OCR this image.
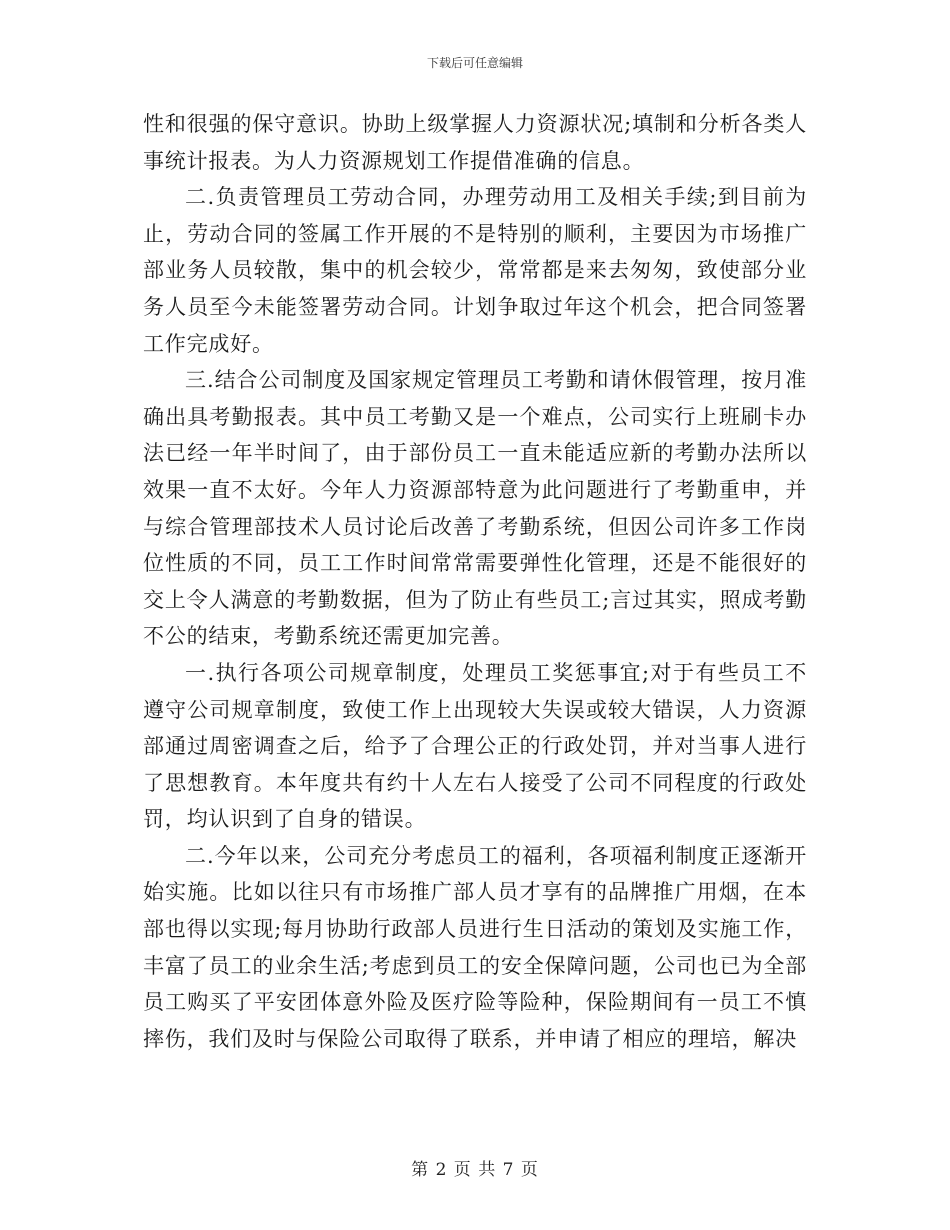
下载后可任意编辑

性和很强的保守意识。协助上级掌握人力资源状况;填制和分析各类人事统计报表。为人力资源规划工作提借准确的信息。

二.负责管理员工劳动合同，办理劳动用工及相关手续;到目前为止，劳动合同的签属工作开展的不是特别的顺利，主要因为市场推广部业务人员较散，集中的机会较少，常常都是来去匆匆，致使部分业务人员至今未能签署劳动合同。计划争取过年这个机会，把合同签署工作完成好。

三.结合公司制度及国家规定管理员工考勤和请休假管理，按月准确出具考勤报表。其中员工考勤又是一个难点，公司实行上班刷卡办法已经一年半时间了，由于部份员工一直未能适应新的考勤办法所以效果一直不太好。今年人力资源部特意为此问题进行了考勤重申，并与综合管理部技术人员讨论后改善了考勤系统，但因公司许多工作岗位性质的不同，员工工作时间常常需要弹性化管理，还是不能很好的交上令人满意的考勤数据，但为了防止有些员工;言过其实，照成考勤不公的结束，考勤系统还需更加完善。

一.执行各项公司规章制度，处理员工奖惩事宜;对于有些员工不遵守公司规章制度，致使工作上出现较大失误或较大错误，人力资源部通过周密调查之后，给予了合理公正的行政处罚，并对当事人进行了思想教育。本年度共有约十人左右人接受了公司不同程度的行政处罚，均认识到了自身的错误。

二.今年以来，公司充分考虑员工的福利，各项福利制度正逐渐开始实施。比如以往只有市场推广部人员才享有的品牌推广用烟，在本部也得以实现;每月协助行政部人员进行生日活动的策划及实施工作，丰富了员工的业余生活;考虑到员工的安全保障问题，公司也已为全部员工购买了平安团体意外险及医疗险等险种，保险期间有一员工不慎摔伤，我们及时与保险公司取得了联系，并申请了相应的理培，解决

第 2 页 共 7 页
